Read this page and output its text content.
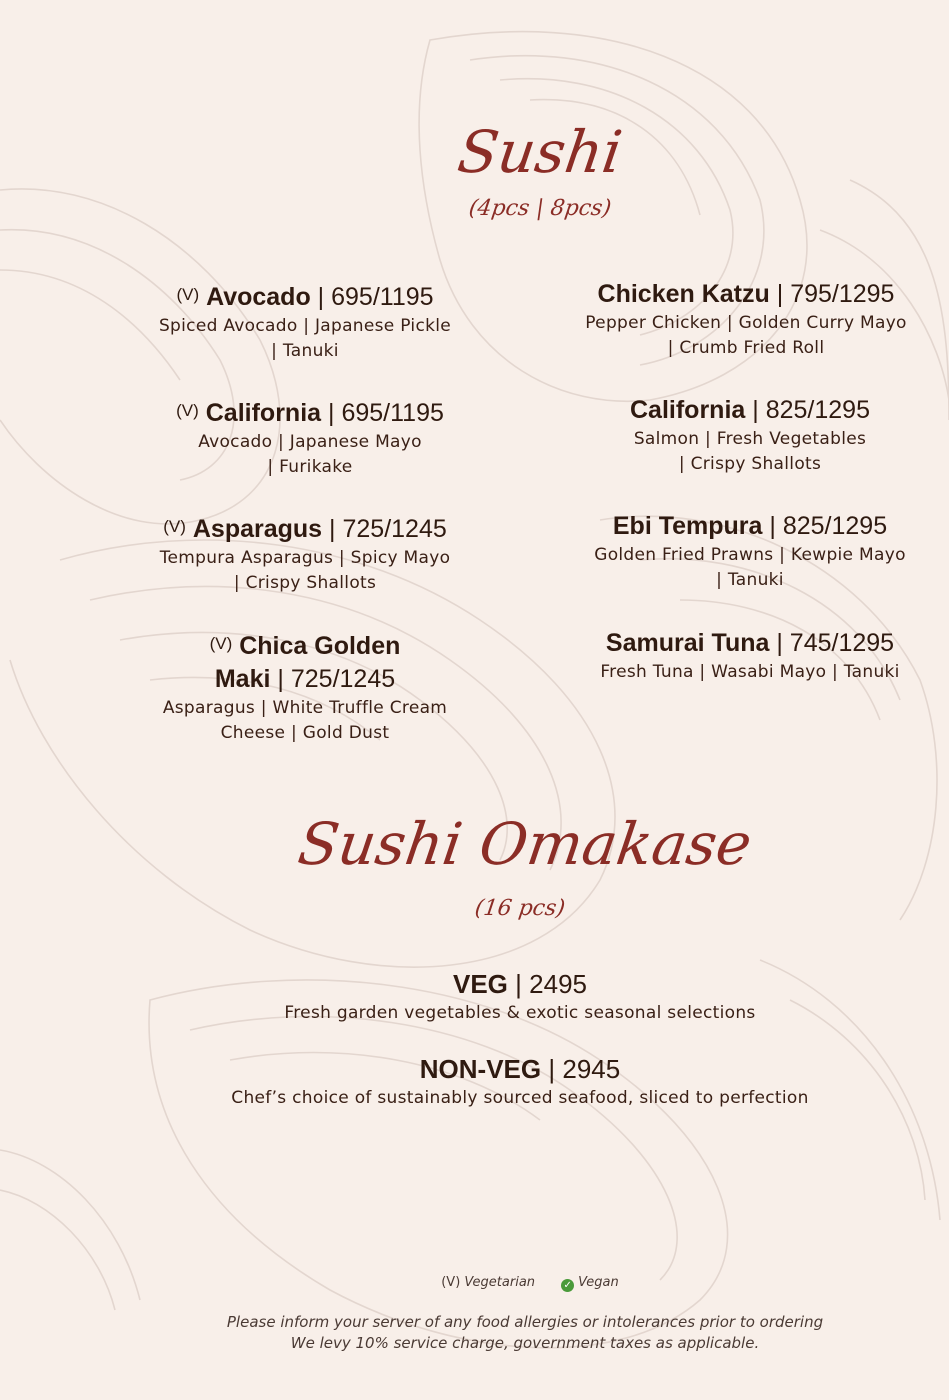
Sushi
(4pcs | 8pcs)
$^{(V)}$ Avocado | 695/1195
Spiced Avocado | Japanese Pickle
| Tanuki
$^{(V)}$ California | 695/1195
Avocado | Japanese Mayo
| Furikake
$^{(V)}$ Asparagus | 725/1245
Tempura Asparagus | Spicy Mayo
| Crispy Shallots
$^{(V)}$ Chica Golden
Maki | 725/1245
Asparagus | White Truffle Cream
Cheese | Gold Dust
Chicken Katzu | 795/1295
Pepper Chicken | Golden Curry Mayo
| Crumb Fried Roll
California | 825/1295
Salmon | Fresh Vegetables
| Crispy Shallots
Ebi Tempura | 825/1295
Golden Fried Prawns | Kewpie Mayo
| Tanuki
Samurai Tuna | 745/1295
Fresh Tuna | Wasabi Mayo | Tanuki
Sushi Omakase
(16 pcs)
VEG | 2495
Fresh garden vegetables & exotic seasonal selections
NON-VEG | 2945
Chef’s choice of sustainably sourced seafood, sliced to perfection
(V) Vegetarian	✓ Vegan
Please inform your server of any food allergies or intolerances prior to ordering
We levy 10% service charge, government taxes as applicable.
